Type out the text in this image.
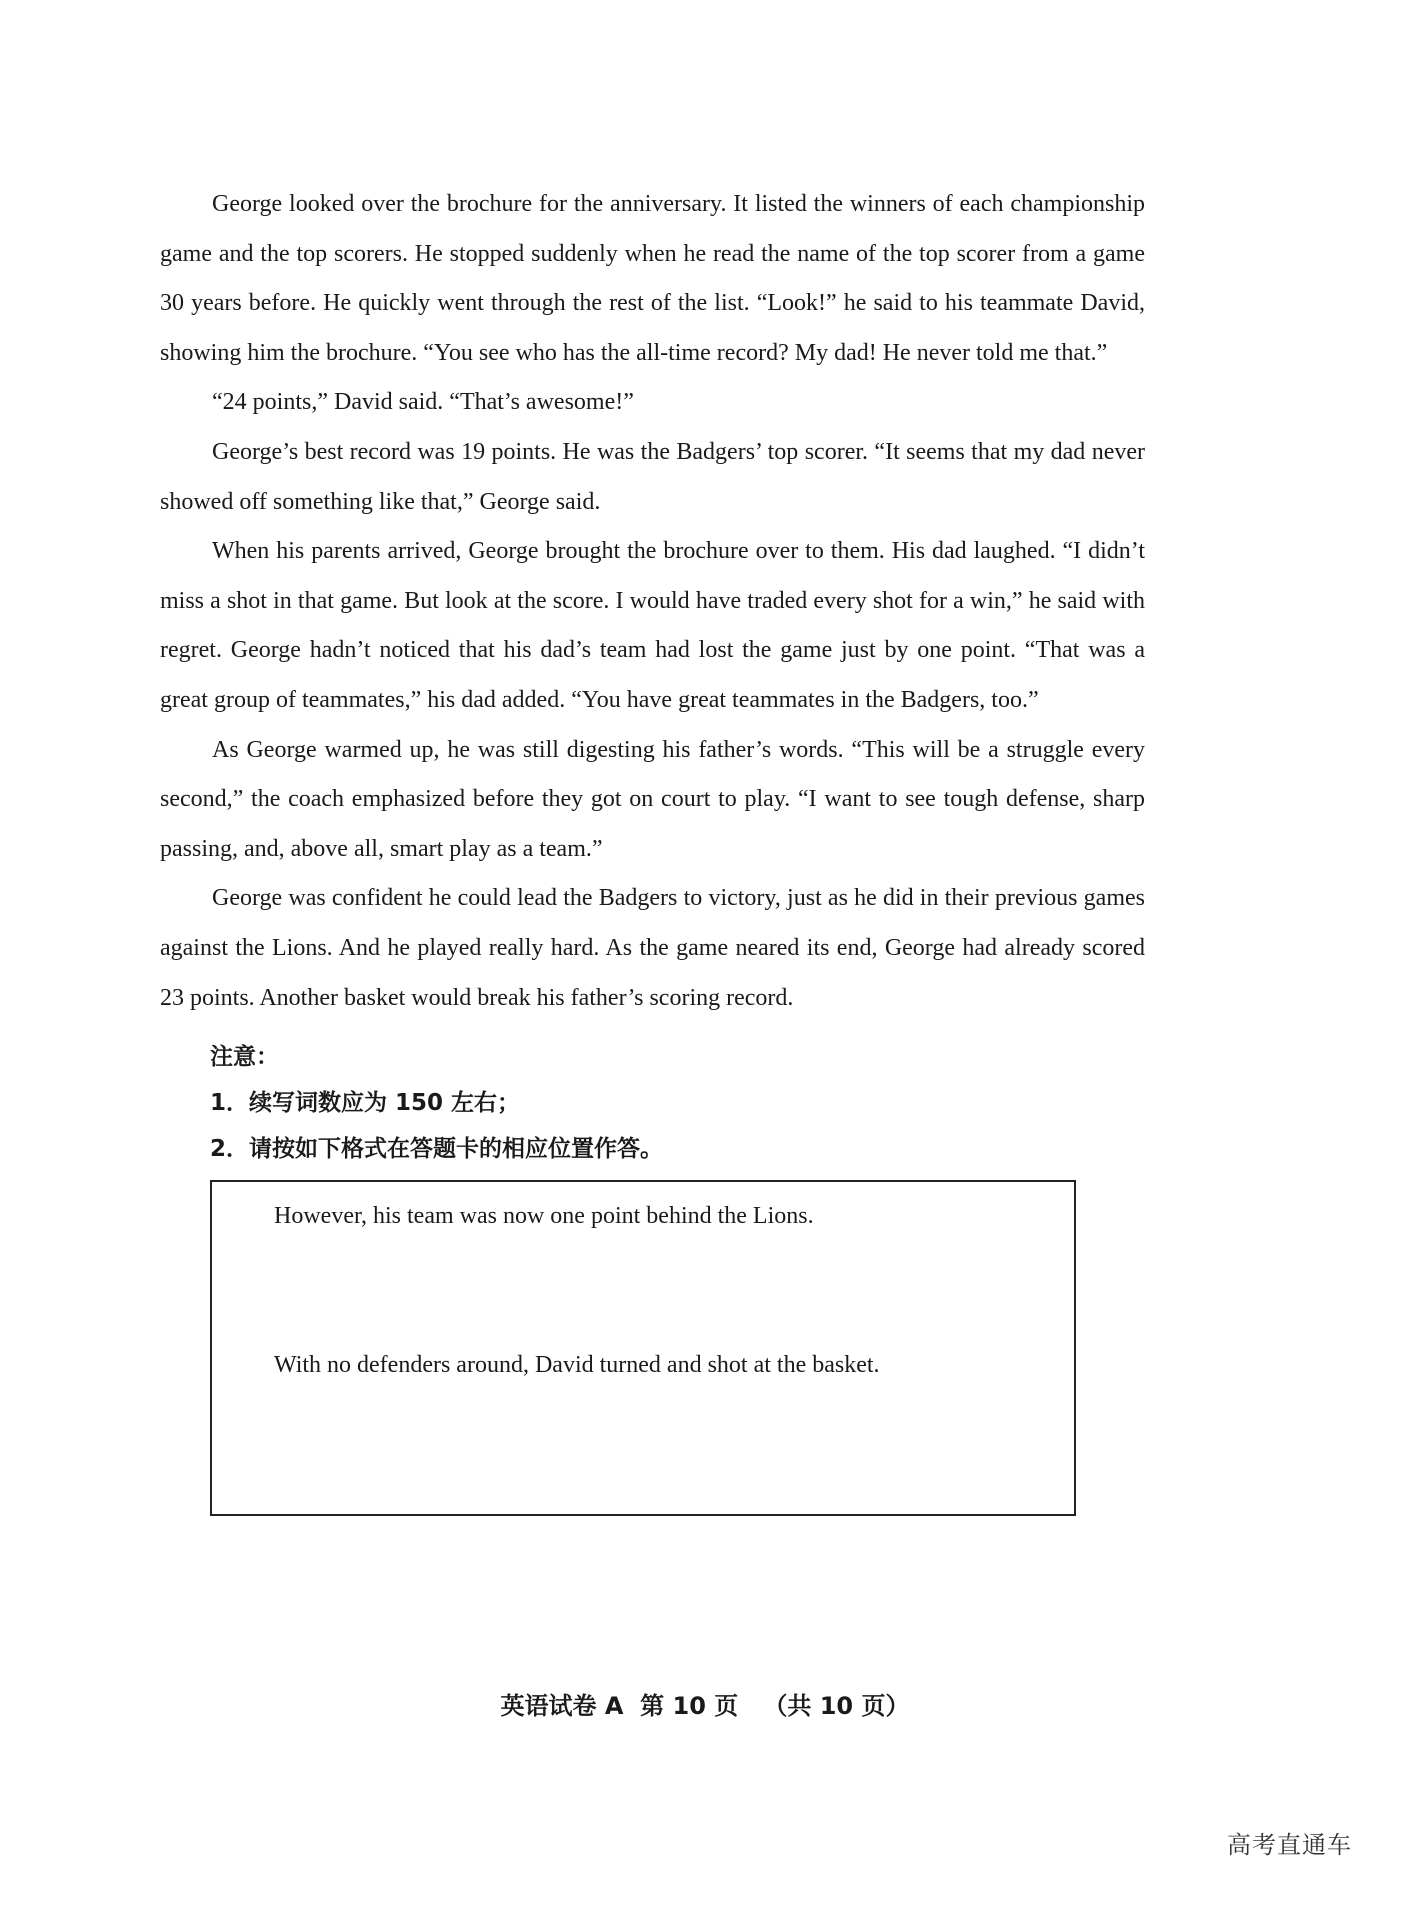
George looked over the brochure for the anniversary. It listed the winners of each championship game and the top scorers. He stopped suddenly when he read the name of the top scorer from a game 30 years before. He quickly went through the rest of the list. “Look!” he said to his teammate David, showing him the brochure. “You see who has the all-time record? My dad! He never told me that.”

“24 points,” David said. “That’s awesome!”

George’s best record was 19 points. He was the Badgers’ top scorer. “It seems that my dad never showed off something like that,” George said.

When his parents arrived, George brought the brochure over to them. His dad laughed. “I didn’t miss a shot in that game. But look at the score. I would have traded every shot for a win,” he said with regret. George hadn’t noticed that his dad’s team had lost the game just by one point. “That was a great group of teammates,” his dad added. “You have great teammates in the Badgers, too.”

As George warmed up, he was still digesting his father’s words. “This will be a struggle every second,” the coach emphasized before they got on court to play. “I want to see tough defense, sharp passing, and, above all, smart play as a team.”

George was confident he could lead the Badgers to victory, just as he did in their previous games against the Lions. And he played really hard. As the game neared its end, George had already scored 23 points. Another basket would break his father’s scoring record.

注意：

1．续写词数应为 150 左右；

2．请按如下格式在答题卡的相应位置作答。

However, his team was now one point behind the Lions.

With no defenders around, David turned and shot at the basket.

英语试卷 A 第 10 页 （共 10 页）
高考直通车
